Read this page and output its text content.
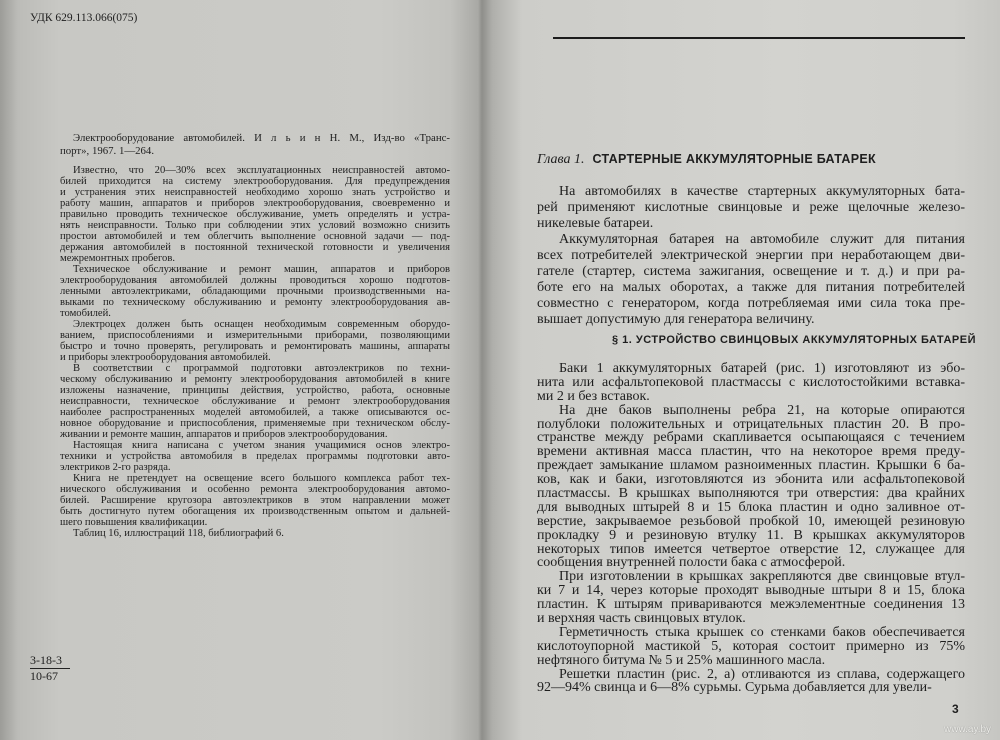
УДК 629.113.066(075)
Электрооборудование автомобилей. И л ь и н Н. М., Изд-во «Транс-
порт», 1967. 1—264.
Известно, что 20—30% всех эксплуатационных неисправностей автомо-
билей приходится на систему электрооборудования. Для предупреждения
и устранения этих неисправностей необходимо хорошо знать устройство и
работу машин, аппаратов и приборов электрооборудования, своевременно и
правильно проводить техническое обслуживание, уметь определять и устра-
нять неисправности. Только при соблюдении этих условий возможно снизить
простои автомобилей и тем облегчить выполнение основной задачи — под-
держания автомобилей в постоянной технической готовности и увеличения
межремонтных пробегов.
Техническое обслуживание и ремонт машин, аппаратов и приборов
электрооборудования автомобилей должны проводиться хорошо подготов-
ленными автоэлектриками, обладающими прочными производственными на-
выками по техническому обслуживанию и ремонту электрооборудования ав-
томобилей.
Электроцех должен быть оснащен необходимым современным оборудо-
ванием, приспособлениями и измерительными приборами, позволяющими
быстро и точно проверять, регулировать и ремонтировать машины, аппараты
и приборы электрооборудования автомобилей.
В соответствии с программой подготовки автоэлектриков по техни-
ческому обслуживанию и ремонту электрооборудования автомобилей в книге
изложены назначение, принципы действия, устройство, работа, основные
неисправности, техническое обслуживание и ремонт электрооборудования
наиболее распространенных моделей автомобилей, а также описываются ос-
новное оборудование и приспособления, применяемые при техническом обслу-
живании и ремонте машин, аппаратов и приборов электрооборудования.
Настоящая книга написана с учетом знания учащимися основ электро-
техники и устройства автомобиля в пределах программы подготовки авто-
электриков 2-го разряда.
Книга не претендует на освещение всего большого комплекса работ тех-
нического обслуживания и особенно ремонта электрооборудования автомо-
билей. Расширение кругозора автоэлектриков в этом направлении может
быть достигнуто путем обогащения их производственным опытом и дальней-
шего повышения квалификации.
Таблиц 16, иллюстраций 118, библиографий 6.
3-18-3
10-67
Глава 1. СТАРТЕРНЫЕ АККУМУЛЯТОРНЫЕ БАТАРЕК
На автомобилях в качестве стартерных аккумуляторных бата-
рей применяют кислотные свинцовые и реже щелочные железо-
никелевые батареи.
Аккумуляторная батарея на автомобиле служит для питания
всех потребителей электрической энергии при неработающем дви-
гателе (стартер, система зажигания, освещение и т. д.) и при ра-
боте его на малых оборотах, а также для питания потребителей
совместно с генератором, когда потребляемая ими сила тока пре-
вышает допустимую для генератора величину.
§ 1. УСТРОЙСТВО СВИНЦОВЫХ АККУМУЛЯТОРНЫХ БАТАРЕЙ
Баки 1 аккумуляторных батарей (рис. 1) изготовляют из эбо-
нита или асфальтопековой пластмассы с кислотостойкими вставка-
ми 2 и без вставок.
На дне баков выполнены ребра 21, на которые опираются
полублоки положительных и отрицательных пластин 20. В про-
странстве между ребрами скапливается осыпающаяся с течением
времени активная масса пластин, что на некоторое время преду-
преждает замыкание шламом разноименных пластин. Крышки 6 ба-
ков, как и баки, изготовляются из эбонита или асфальтопековой
пластмассы. В крышках выполняются три отверстия: два крайних
для выводных штырей 8 и 15 блока пластин и одно заливное от-
верстие, закрываемое резьбовой пробкой 10, имеющей резиновую
прокладку 9 и резиновую втулку 11. В крышках аккумуляторов
некоторых типов имеется четвертое отверстие 12, служащее для
сообщения внутренней полости бака с атмосферой.
При изготовлении в крышках закрепляются две свинцовые втул-
ки 7 и 14, через которые проходят выводные штыри 8 и 15, блока
пластин. К штырям привариваются межэлементные соединения 13
и верхняя часть свинцовых втулок.
Герметичность стыка крышек со стенками баков обеспечивается
кислотоупорной мастикой 5, которая состоит примерно из 75%
нефтяного битума № 5 и 25% машинного масла.
Решетки пластин (рис. 2, а) отливаются из сплава, содержащего
92—94% свинца и 6—8% сурьмы. Сурьма добавляется для увели-
3
www.ay.by
